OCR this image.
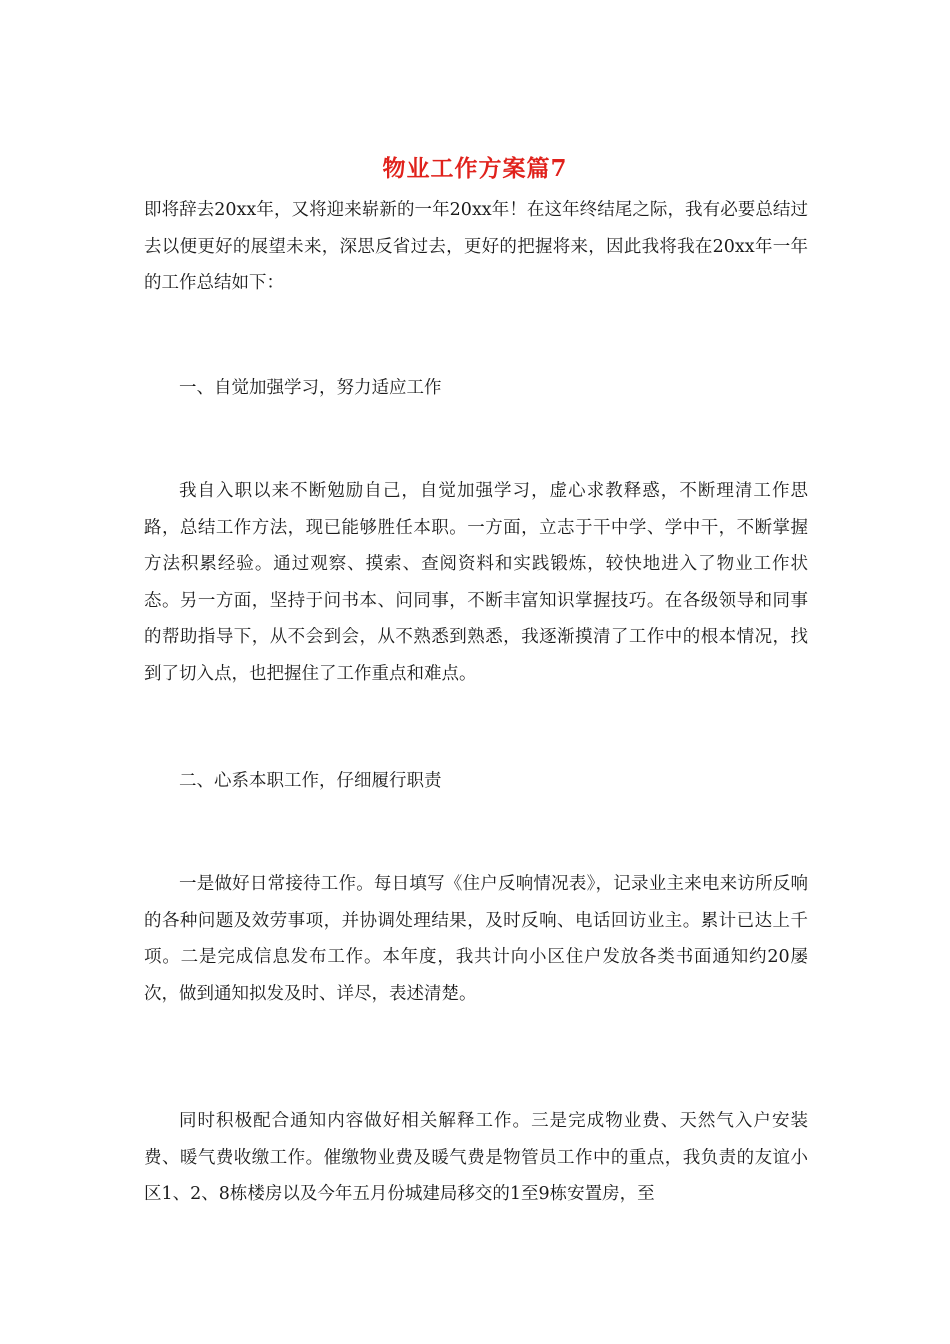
物业工作方案篇7

即将辞去20xx年，又将迎来崭新的一年20xx年！在这年终结尾之际，我有必要总结过去以便更好的展望未来，深思反省过去，更好的把握将来，因此我将我在20xx年一年的工作总结如下：

一、自觉加强学习，努力适应工作

我自入职以来不断勉励自己，自觉加强学习，虚心求教释惑，不断理清工作思路，总结工作方法，现已能够胜任本职。一方面，立志于干中学、学中干，不断掌握方法积累经验。通过观察、摸索、查阅资料和实践锻炼，较快地进入了物业工作状态。另一方面，坚持于问书本、问同事，不断丰富知识掌握技巧。在各级领导和同事的帮助指导下，从不会到会，从不熟悉到熟悉，我逐渐摸清了工作中的根本情况，找到了切入点，也把握住了工作重点和难点。

二、心系本职工作，仔细履行职责

一是做好日常接待工作。每日填写《住户反响情况表》，记录业主来电来访所反响的各种问题及效劳事项，并协调处理结果，及时反响、电话回访业主。累计已达上千项。二是完成信息发布工作。本年度，我共计向小区住户发放各类书面通知约20屡次，做到通知拟发及时、详尽，表述清楚。

同时积极配合通知内容做好相关解释工作。三是完成物业费、天然气入户安装费、暖气费收缴工作。催缴物业费及暖气费是物管员工作中的重点，我负责的友谊小区1、2、8栋楼房以及今年五月份城建局移交的1至9栋安置房，至
